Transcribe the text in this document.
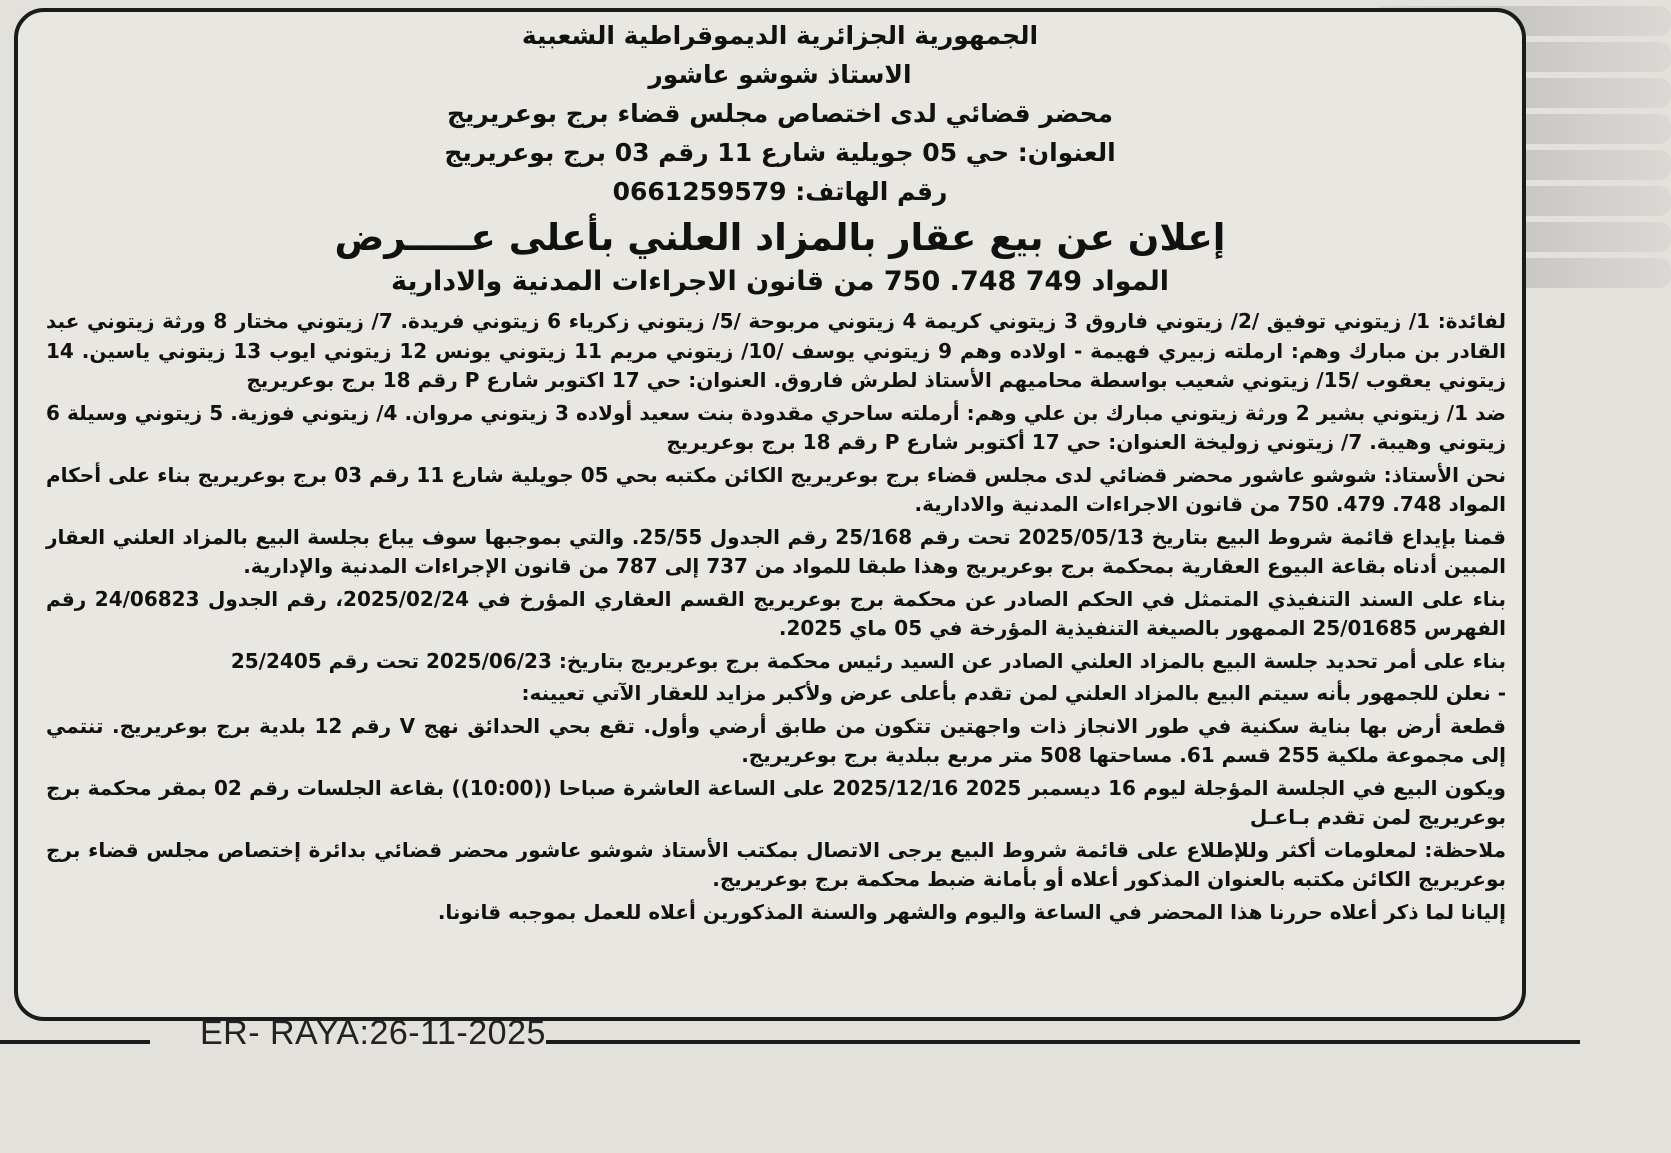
الجمهورية الجزائرية الديموقراطية الشعبية
الاستاذ شوشو عاشور
محضر قضائي لدى اختصاص مجلس قضاء برج بوعريريج
العنوان: حي 05 جويلية شارع 11 رقم 03 برج بوعريريج
رقم الهاتف: 0661259579
إعلان عن بيع عقار بالمزاد العلني بأعلى عـــــرض
المواد 749 748. 750 من قانون الاجراءات المدنية والادارية

لفائدة: 1/ زيتوني توفيق /2/ زيتوني فاروق 3 زيتوني كريمة 4 زيتوني مربوحة /5/ زيتوني زكرياء 6 زيتوني فريدة. 7/ زيتوني مختار 8 ورثة زيتوني عبد القادر بن مبارك وهم: ارملته زبيري فهيمة - اولاده وهم 9 زيتوني يوسف /10/ زيتوني مريم 11 زيتوني يونس 12 زيتوني ايوب 13 زيتوني ياسين. 14 زيتوني يعقوب /15/ زيتوني شعيب بواسطة محاميهم الأستاذ لطرش فاروق. العنوان: حي 17 اكتوبر شارع P رقم 18 برج بوعريريج

ضد 1/ زيتوني بشير 2 ورثة زيتوني مبارك بن علي وهم: أرملته ساحري مقدودة بنت سعيد أولاده 3 زيتوني مروان. 4/ زيتوني فوزية. 5 زيتوني وسيلة 6 زيتوني وهيبة. 7/ زيتوني زوليخة العنوان: حي 17 أكتوبر شارع P رقم 18 برج بوعريريج

نحن الأستاذ: شوشو عاشور محضر قضائي لدى مجلس قضاء برج بوعريريج الكائن مكتبه بحي 05 جويلية شارع 11 رقم 03 برج بوعريريج بناء على أحكام المواد 748. 479. 750 من قانون الاجراءات المدنية والادارية.

قمنا بإيداع قائمة شروط البيع بتاريخ 2025/05/13 تحت رقم 25/168 رقم الجدول 25/55. والتي بموجبها سوف يباع بجلسة البيع بالمزاد العلني العقار المبين أدناه بقاعة البيوع العقارية بمحكمة برج بوعريريج وهذا طبقا للمواد من 737 إلى 787 من قانون الإجراءات المدنية والإدارية.

بناء على السند التنفيذي المتمثل في الحكم الصادر عن محكمة برج بوعريريج القسم العقاري المؤرخ في 2025/02/24، رقم الجدول 24/06823 رقم الفهرس 25/01685 الممهور بالصيغة التنفيذية المؤرخة في 05 ماي 2025.

بناء على أمر تحديد جلسة البيع بالمزاد العلني الصادر عن السيد رئيس محكمة برج بوعريريج بتاريخ: 2025/06/23 تحت رقم 25/2405

- نعلن للجمهور بأنه سيتم البيع بالمزاد العلني لمن تقدم بأعلى عرض ولأكبر مزايد للعقار الآتي تعيينه:

قطعة أرض بها بناية سكنية في طور الانجاز ذات واجهتين تتكون من طابق أرضي وأول. تقع بحي الحدائق نهج V رقم 12 بلدية برج بوعريريج. تنتمي إلى مجموعة ملكية 255 قسم 61. مساحتها 508 متر مربع ببلدية برج بوعريريج.

ويكون البيع في الجلسة المؤجلة ليوم 16 ديسمبر 2025 2025/12/16 على الساعة العاشرة صباحا ((10:00)) بقاعة الجلسات رقم 02 بمقر محكمة برج بوعريريج لمن تقدم بـاعـل

ملاحظة: لمعلومات أكثر وللإطلاع على قائمة شروط البيع يرجى الاتصال بمكتب الأستاذ شوشو عاشور محضر قضائي بدائرة إختصاص مجلس قضاء برج بوعريريج الكائن مكتبه بالعنوان المذكور أعلاه أو بأمانة ضبط محكمة برج بوعريريج.

إليانا لما ذكر أعلاه حررنا هذا المحضر في الساعة واليوم والشهر والسنة المذكورين أعلاه للعمل بموجبه قانونا.

ER- RAYA:26-11-2025
